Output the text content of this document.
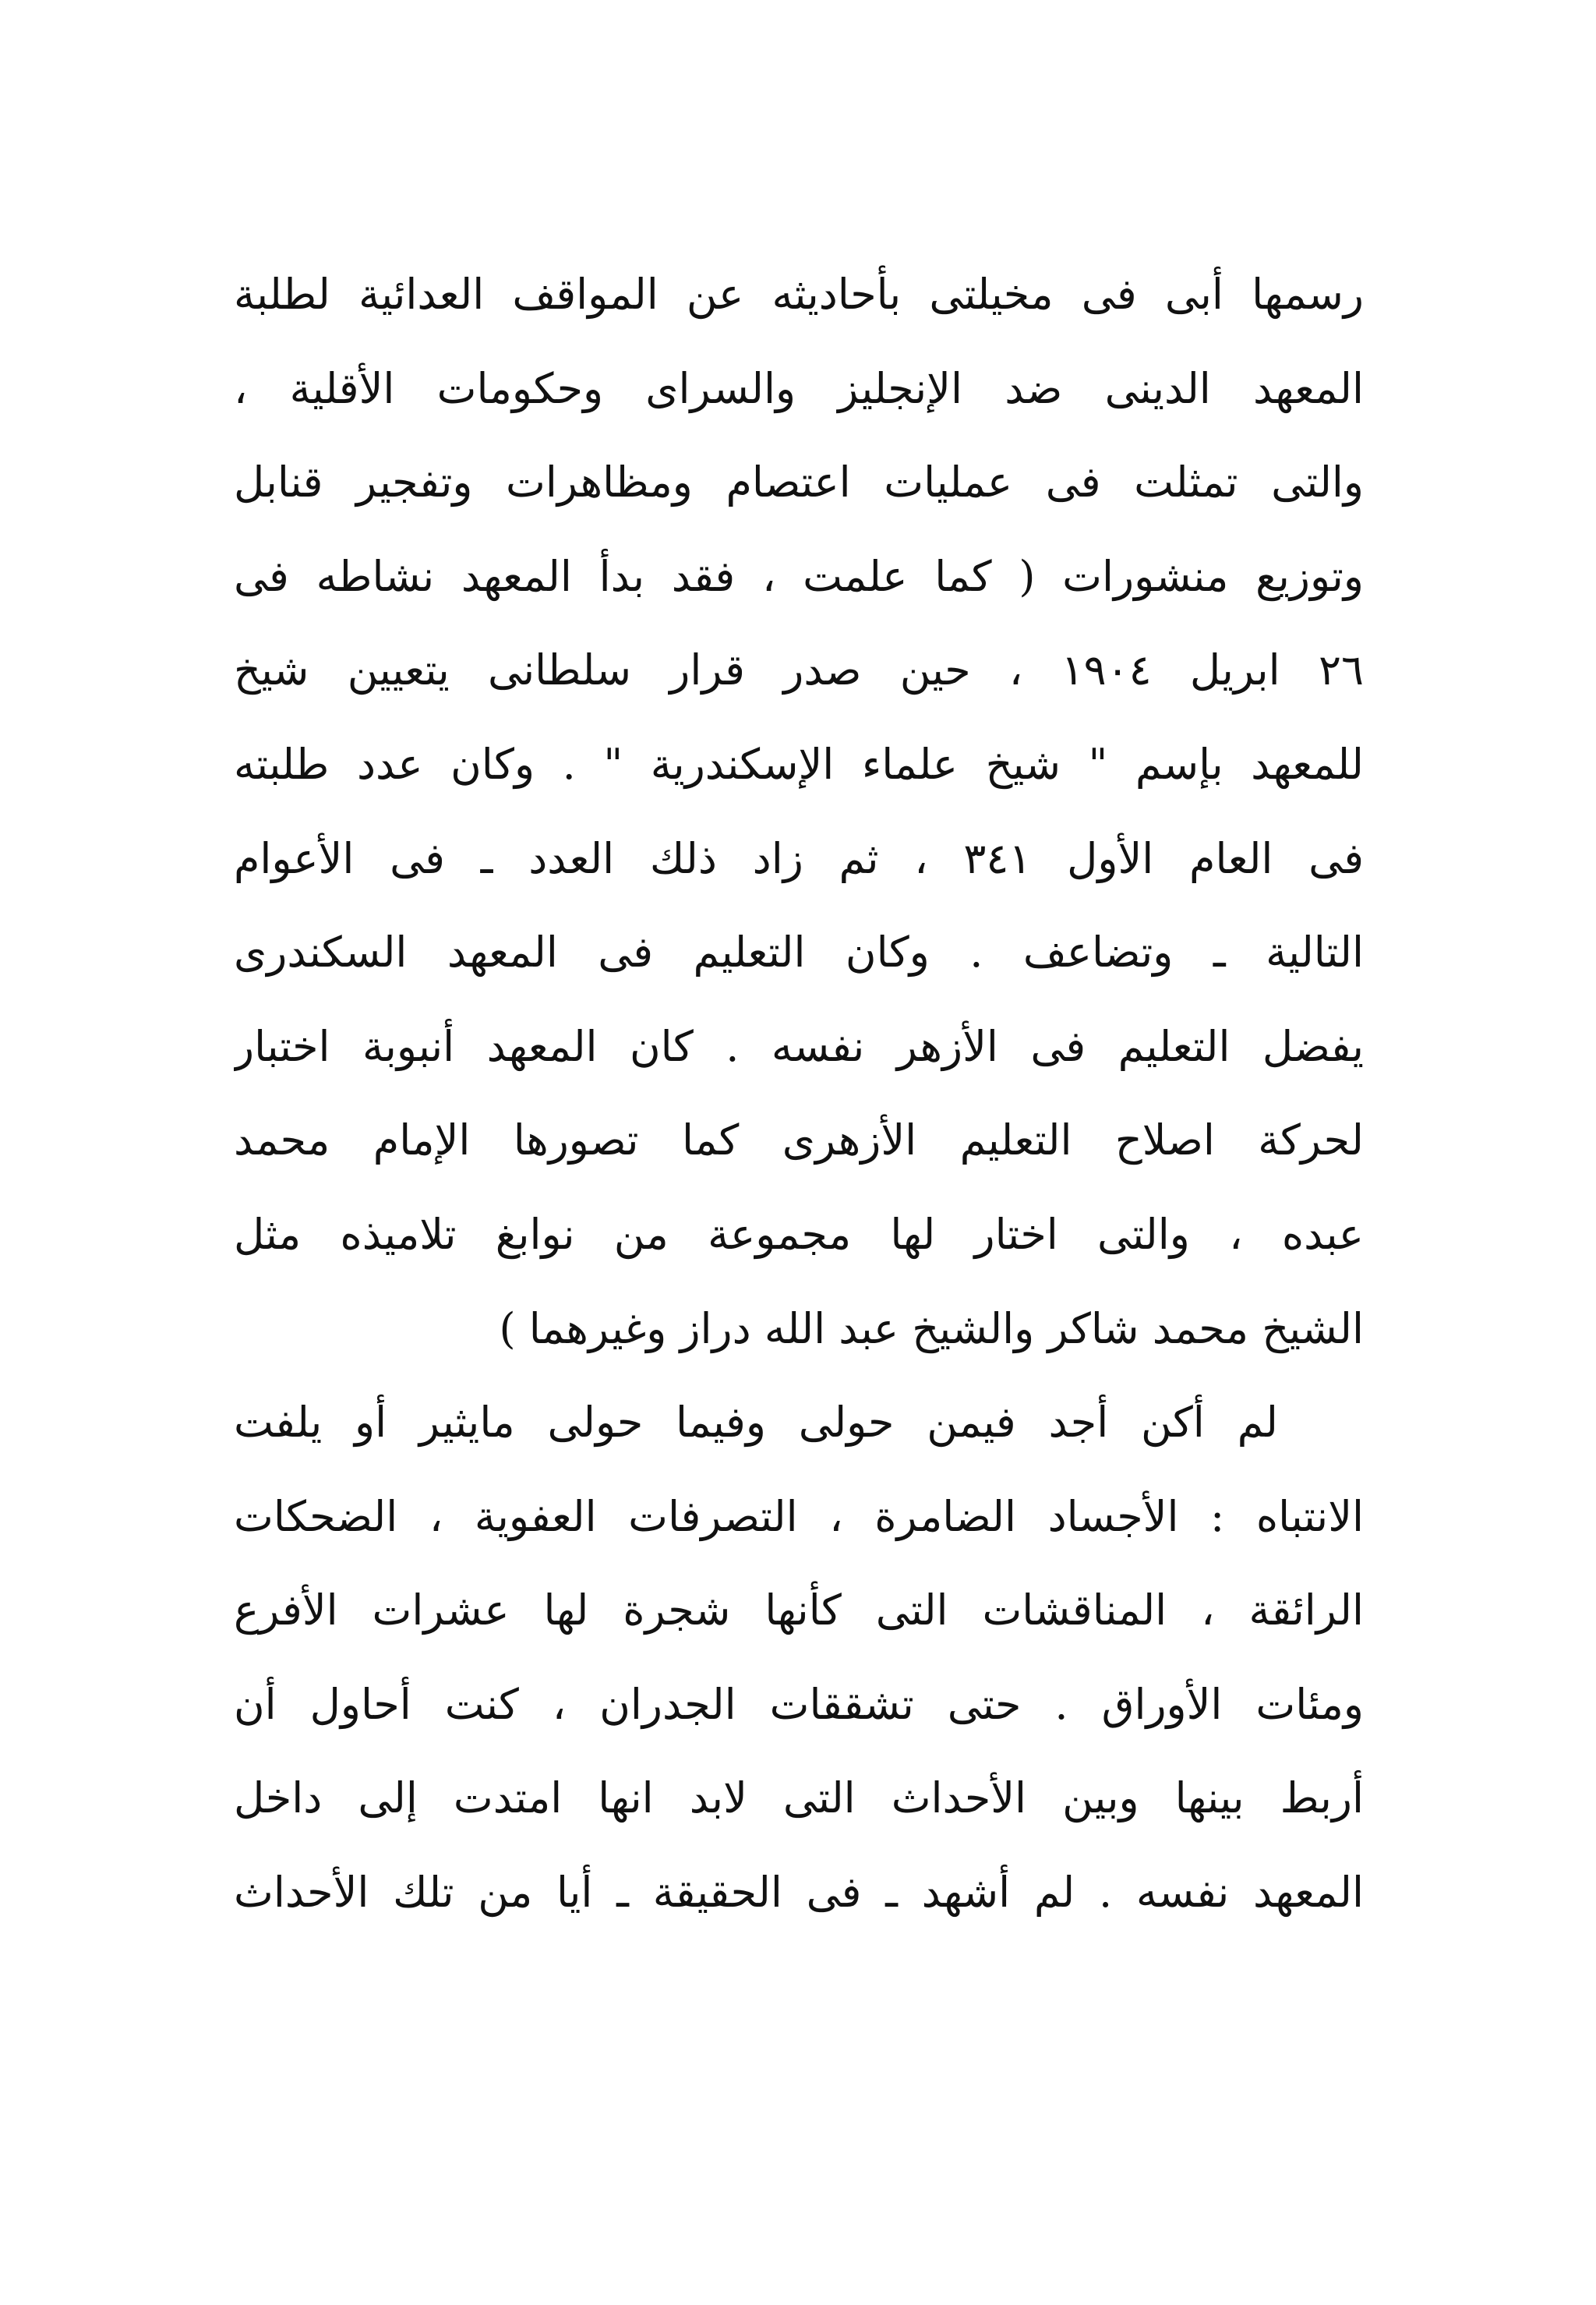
رسمها أبى فى مخيلتى بأحاديثه عن المواقف العدائية لطلبة
المعهد الدينى ضد الإنجليز والسراى وحكومات الأقلية ،
والتى تمثلت فى عمليات اعتصام ومظاهرات وتفجير قنابل
وتوزيع منشورات ( كما علمت ، فقد بدأ المعهد نشاطه فى
٢٦ ابريل ١٩٠٤ ، حين صدر قرار سلطانى يتعيين شيخ
للمعهد بإسم " شيخ علماء الإسكندرية " . وكان عدد طلبته
فى العام الأول ٣٤١ ، ثم زاد ذلك العدد ـ فى الأعوام
التالية ـ وتضاعف . وكان التعليم فى المعهد السكندرى
يفضل التعليم فى الأزهر نفسه . كان المعهد أنبوبة اختبار
لحركة اصلاح التعليم الأزهرى كما تصورها الإمام محمد
عبده ، والتى اختار لها مجموعة من نوابغ تلاميذه مثل
الشيخ محمد شاكر والشيخ عبد الله دراز وغيرهما )
لم أكن أجد فيمن حولى وفيما حولى مايثير أو يلفت
الانتباه : الأجساد الضامرة ، التصرفات العفوية ، الضحكات
الرائقة ، المناقشات التى كأنها شجرة لها عشرات الأفرع
ومئات الأوراق . حتى تشققات الجدران ، كنت أحاول أن
أربط بينها وبين الأحداث التى لابد انها امتدت إلى داخل
المعهد نفسه . لم أشهد ـ فى الحقيقة ـ أيا من تلك الأحداث
